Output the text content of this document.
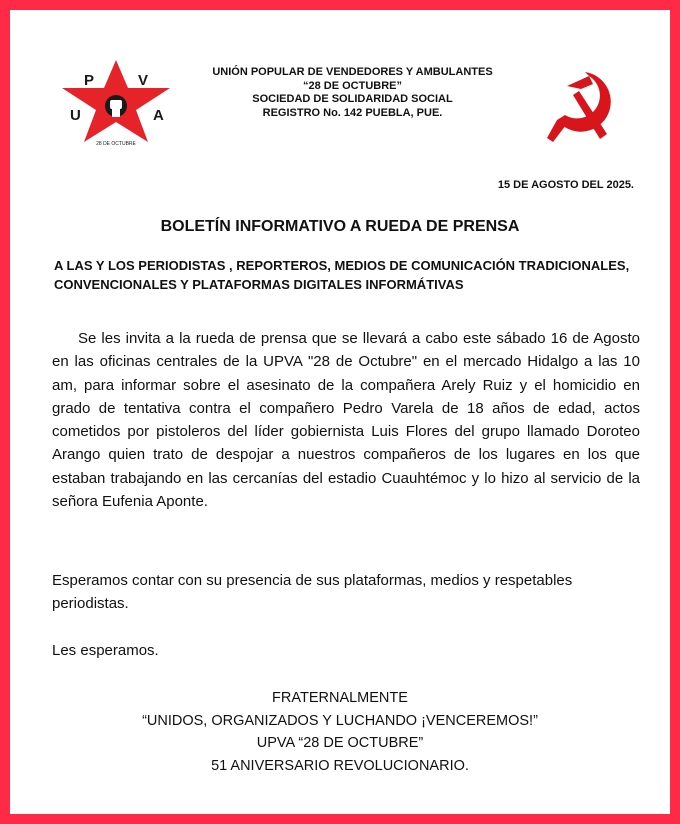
P	V
U	A
28 DE OCTUBRE
UNIÓN POPULAR DE VENDEDORES Y AMBULANTES
“28 DE OCTUBRE”
SOCIEDAD DE SOLIDARIDAD SOCIAL
REGISTRO No. 142 PUEBLA, PUE.
15 DE AGOSTO DEL 2025.
BOLETÍN INFORMATIVO A RUEDA DE PRENSA
A LAS Y LOS PERIODISTAS , REPORTEROS, MEDIOS DE COMUNICACIÓN TRADICIONALES,
CONVENCIONALES Y PLATAFORMAS DIGITALES INFORMÁTIVAS

Se les invita a la rueda de prensa que se llevará a cabo este sábado 16 de Agosto en las oficinas centrales de la UPVA "28 de Octubre" en el mercado Hidalgo a las 10 am, para informar sobre el asesinato de la compañera Arely Ruiz y el homicidio en grado de tentativa contra el compañero Pedro Varela de 18 años de edad, actos cometidos por pistoleros del líder gobiernista Luis Flores del grupo llamado Doroteo Arango quien trato de despojar a nuestros compañeros de los lugares en los que estaban trabajando en las cercanías del estadio Cuauhtémoc y lo hizo al servicio de la señora Eufenia Aponte.

Esperamos contar con su presencia de sus plataformas, medios y respetables periodistas.
Les esperamos.
FRATERNALMENTE
“UNIDOS, ORGANIZADOS Y LUCHANDO ¡VENCEREMOS!”
UPVA “28 DE OCTUBRE”
51 ANIVERSARIO REVOLUCIONARIO.
